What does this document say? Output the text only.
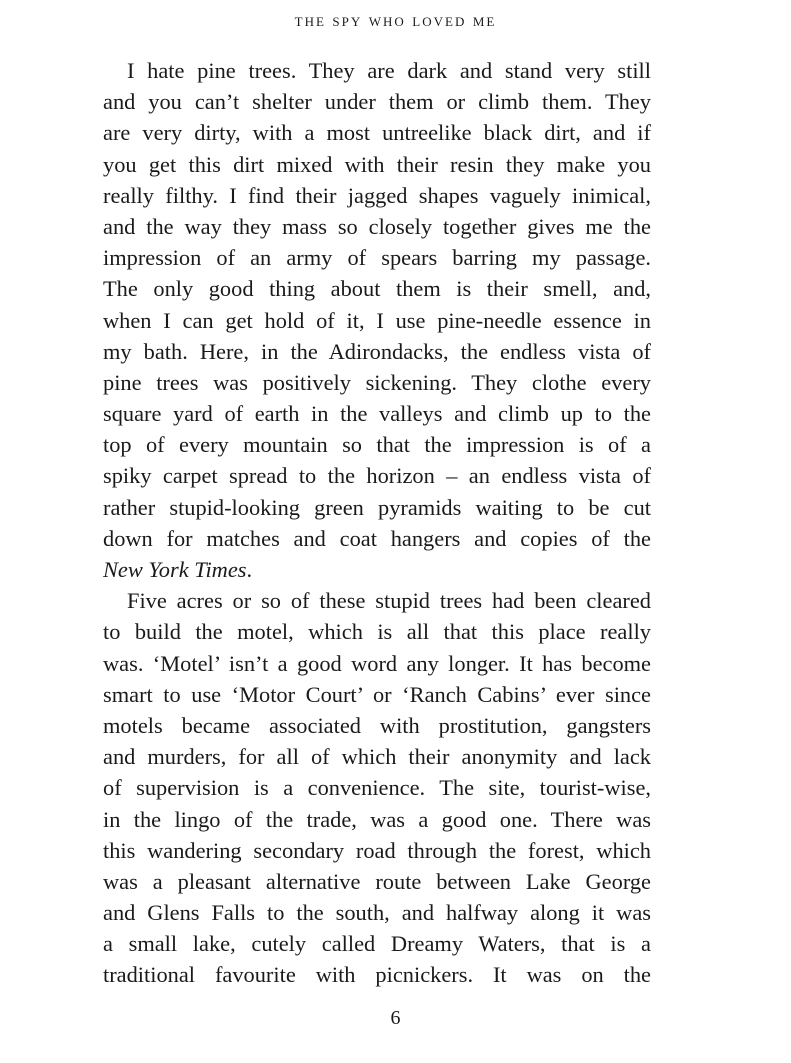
the spy who loved me
I hate pine trees. They are dark and stand very still
and you can’t shelter under them or climb them. They
are very dirty, with a most untreelike black dirt, and if
you get this dirt mixed with their resin they make you
really filthy. I find their jagged shapes vaguely inimical,
and the way they mass so closely together gives me the
impression of an army of spears barring my passage.
The only good thing about them is their smell, and,
when I can get hold of it, I use pine-needle essence in
my bath. Here, in the Adirondacks, the endless vista of
pine trees was positively sickening. They clothe every
square yard of earth in the valleys and climb up to the
top of every mountain so that the impression is of a
spiky carpet spread to the horizon – an endless vista of
rather stupid-looking green pyramids waiting to be cut
down for matches and coat hangers and copies of the
New York Times.
Five acres or so of these stupid trees had been cleared
to build the motel, which is all that this place really
was. ‘Motel’ isn’t a good word any longer. It has become
smart to use ‘Motor Court’ or ‘Ranch Cabins’ ever since
motels became associated with prostitution, gangsters
and murders, for all of which their anonymity and lack
of supervision is a convenience. The site, tourist-wise,
in the lingo of the trade, was a good one. There was
this wandering secondary road through the forest, which
was a pleasant alternative route between Lake George
and Glens Falls to the south, and halfway along it was
a small lake, cutely called Dreamy Waters, that is a
traditional favourite with picnickers. It was on the
6
